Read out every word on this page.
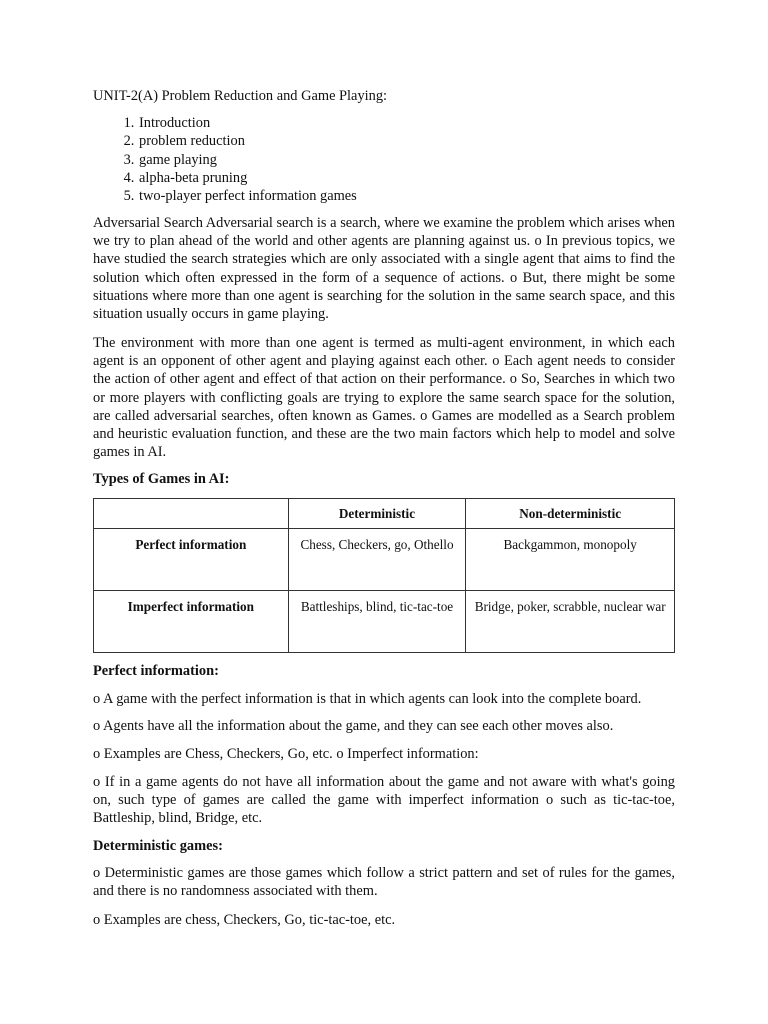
UNIT-2(A) Problem Reduction and Game Playing:

1. Introduction
2. problem reduction
3. game playing
4. alpha-beta pruning
5. two-player perfect information games

Adversarial Search Adversarial search is a search, where we examine the problem which arises when we try to plan ahead of the world and other agents are planning against us. o In previous topics, we have studied the search strategies which are only associated with a single agent that aims to find the solution which often expressed in the form of a sequence of actions. o But, there might be some situations where more than one agent is searching for the solution in the same search space, and this situation usually occurs in game playing.

The environment with more than one agent is termed as multi-agent environment, in which each agent is an opponent of other agent and playing against each other. o Each agent needs to consider the action of other agent and effect of that action on their performance. o So, Searches in which two or more players with conflicting goals are trying to explore the same search space for the solution, are called adversarial searches, often known as Games. o Games are modelled as a Search problem and heuristic evaluation function, and these are the two main factors which help to model and solve games in AI.

Types of Games in AI:

	Deterministic	Non-deterministic
Perfect information	Chess, Checkers, go, Othello	Backgammon, monopoly
Imperfect information	Battleships, blind, tic-tac-toe	Bridge, poker, scrabble, nuclear war

Perfect information:

o A game with the perfect information is that in which agents can look into the complete board.

o Agents have all the information about the game, and they can see each other moves also.

o Examples are Chess, Checkers, Go, etc. o Imperfect information:

o If in a game agents do not have all information about the game and not aware with what's going on, such type of games are called the game with imperfect information o such as tic-tac-toe, Battleship, blind, Bridge, etc.

Deterministic games:

o Deterministic games are those games which follow a strict pattern and set of rules for the games, and there is no randomness associated with them.

o Examples are chess, Checkers, Go, tic-tac-toe, etc.
